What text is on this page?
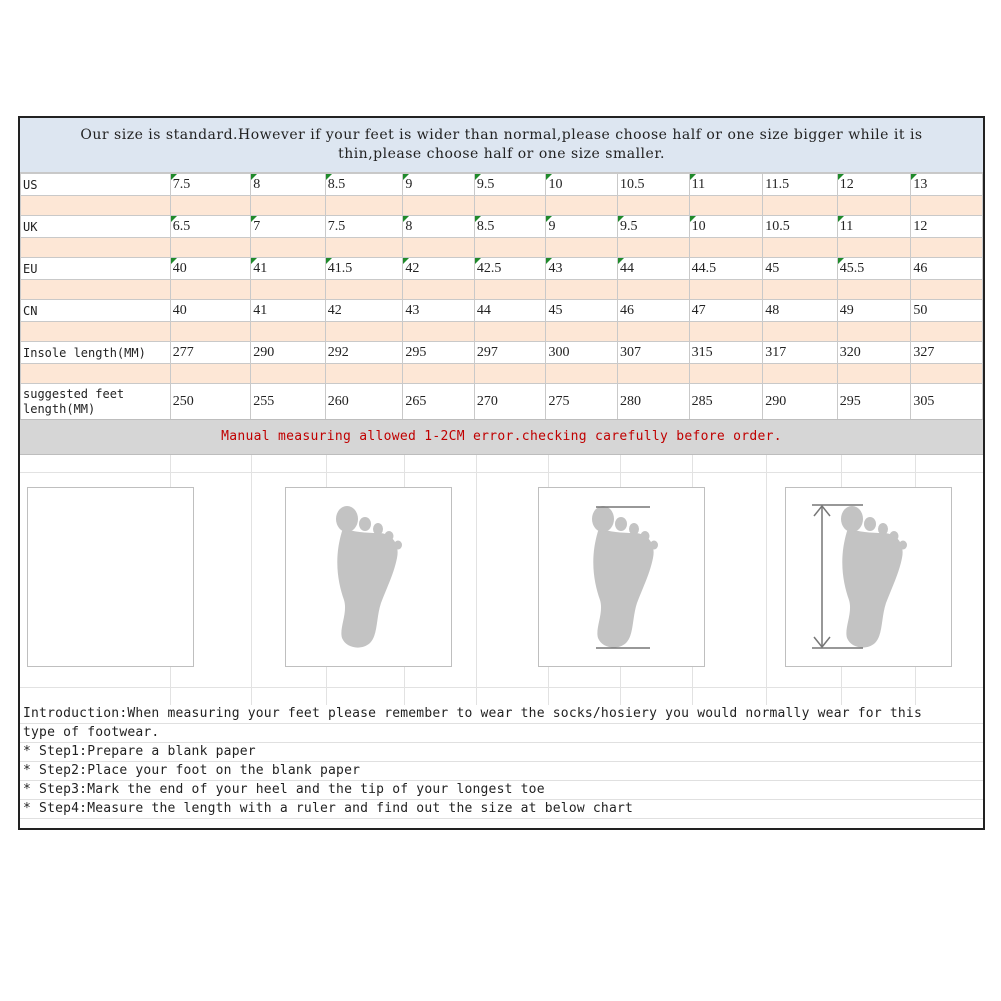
Our size is standard.However if your feet is wider than normal,please choose half or one size bigger while it is thin,please choose half or one size smaller.
US	7.5	8	8.5	9	9.5	10	10.5	11	11.5	12	13

UK	6.5	7	7.5	8	8.5	9	9.5	10	10.5	11	12

EU	40	41	41.5	42	42.5	43	44	44.5	45	45.5	46

CN	40	41	42	43	44	45	46	47	48	49	50

Insole length(MM)	277	290	292	295	297	300	307	315	317	320	327

suggested feet length(MM)	250	255	260	265	270	275	280	285	290	295	305
Manual measuring allowed 1-2CM error.checking carefully before order.
Introduction:When measuring your feet please remember to wear the socks/hosiery you would normally wear for this
type of footwear.
* Step1:Prepare a blank paper
* Step2:Place your foot on the blank paper
* Step3:Mark the end of your heel and the tip of your longest toe
* Step4:Measure the length with a ruler and find out the size at below chart
